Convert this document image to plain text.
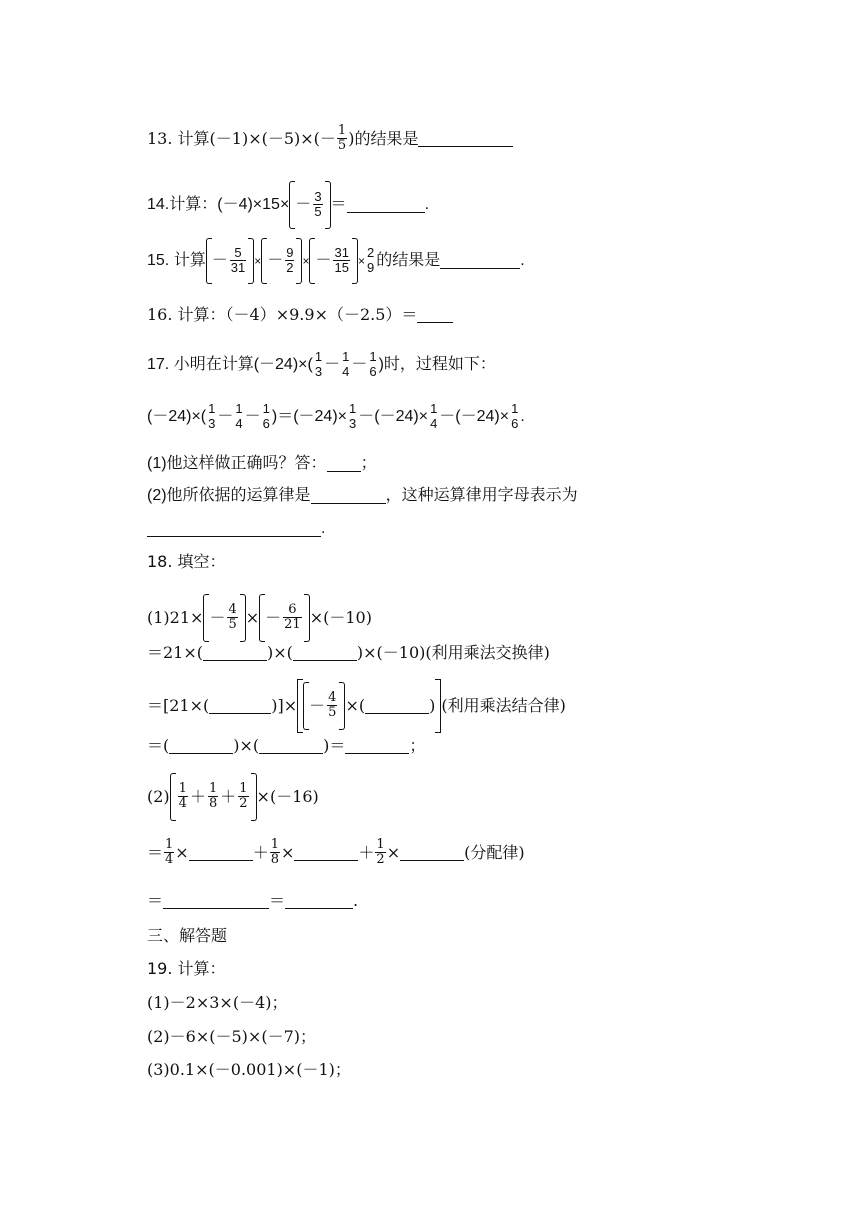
13. 计算$(-1)\times(-5)\times(- \frac{1}{5}$ )的结果是
14.计算：$(-4)\times 15\times - \frac{3}{5}$ ＝	.
15. 计算 － $\frac{5}{31}$ × － $\frac{9}{2}$ × － $\frac{31}{15}$ ×
2
9 的结果是	.
16. 计算：（－4）×9.9×（－2.5）＝
17. 小明在计算(－24)×( 1
3 － 1
4 － 1
6 )时，过程如下：
(－24)×( 1
3 － 1
4 － 1
6 )＝(－24)× 1
3 －(－24)× 1
4 －(－24)× 1
6 .
(1)他这样做正确吗？答： ；
(2)他所依据的运算律是	，这种运算律用字母表示为
.
18. 填空：
$(1)21\times - \frac{4}{5}$ × － $\frac{6}{21} \times(-10)$
＝21×(	)×(	)×(－10)(利用乘法交换律)
＝[21×(	)]× － $\frac{4}{5}$ ×(	) (利用乘法结合律)
＝(	)×(	)＝	；
$(2) \frac{1}{4} + \frac{1}{8} + \frac{1}{2} \times(-16)$
＝ $\frac{1}{4}$ ×	＋ $\frac{1}{8}$ ×	＋ $\frac{1}{2}$ ×	(分配律)
＝	＝	.
三、解答题
19. 计算：
(1)－2×3×(－4)；
(2)－6×(－5)×(－7)；
(3)0.1×(－0.001)×(－1)；
